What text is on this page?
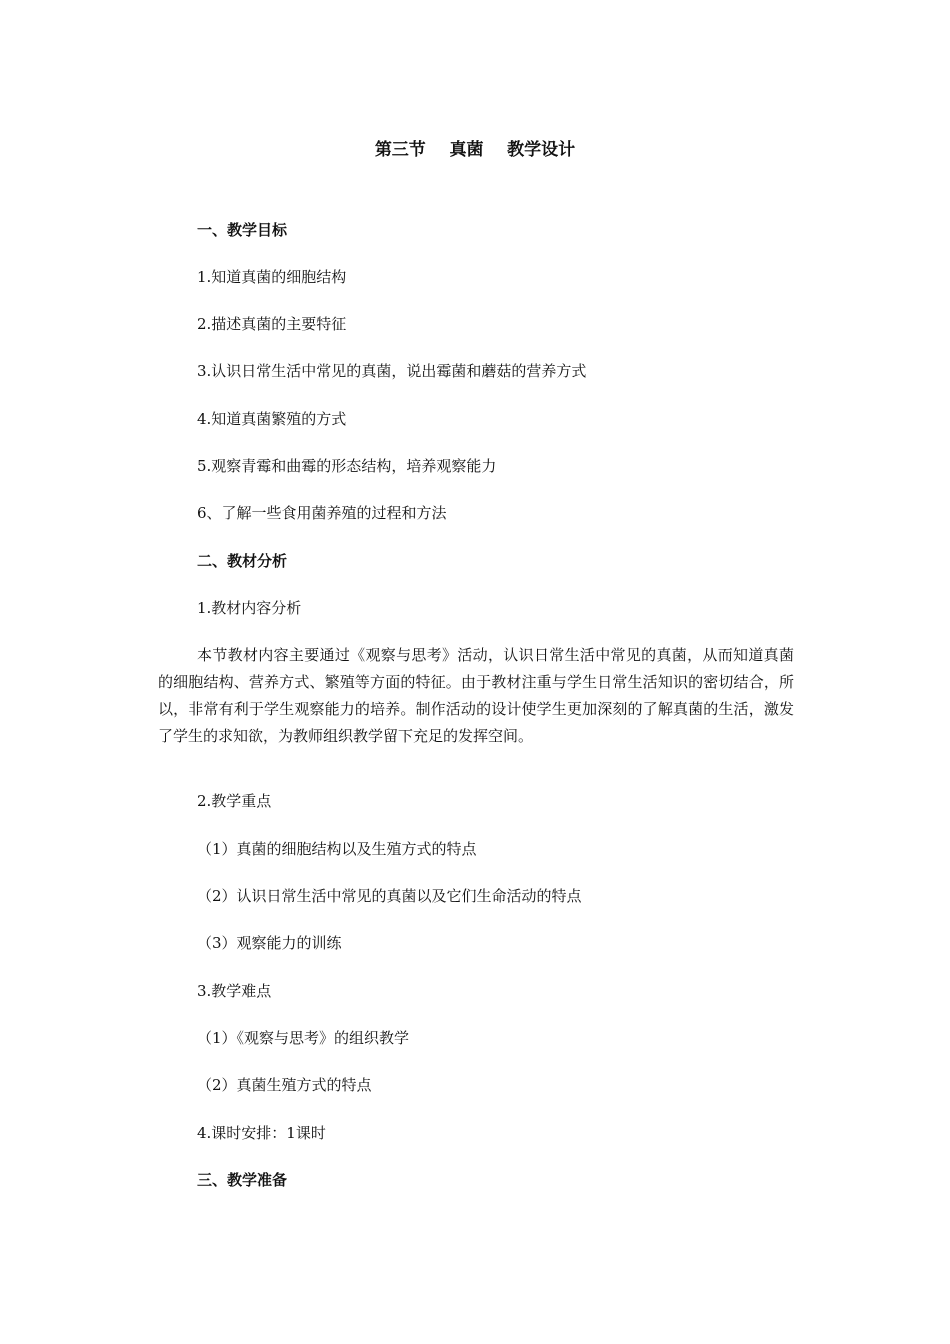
第三节    真菌    教学设计
一、教学目标
1.知道真菌的细胞结构
2.描述真菌的主要特征
3.认识日常生活中常见的真菌，说出霉菌和蘑菇的营养方式
4.知道真菌繁殖的方式
5.观察青霉和曲霉的形态结构，培养观察能力
6、了解一些食用菌养殖的过程和方法
二、教材分析
1.教材内容分析
本节教材内容主要通过《观察与思考》活动，认识日常生活中常见的真菌，从而知道真菌的细胞结构、营养方式、繁殖等方面的特征。由于教材注重与学生日常生活知识的密切结合，所以，非常有利于学生观察能力的培养。制作活动的设计使学生更加深刻的了解真菌的生活，激发了学生的求知欲，为教师组织教学留下充足的发挥空间。
2.教学重点
（1）真菌的细胞结构以及生殖方式的特点
（2）认识日常生活中常见的真菌以及它们生命活动的特点
（3）观察能力的训练
3.教学难点
（1）《观察与思考》的组织教学
（2）真菌生殖方式的特点
4.课时安排：1课时
三、教学准备
